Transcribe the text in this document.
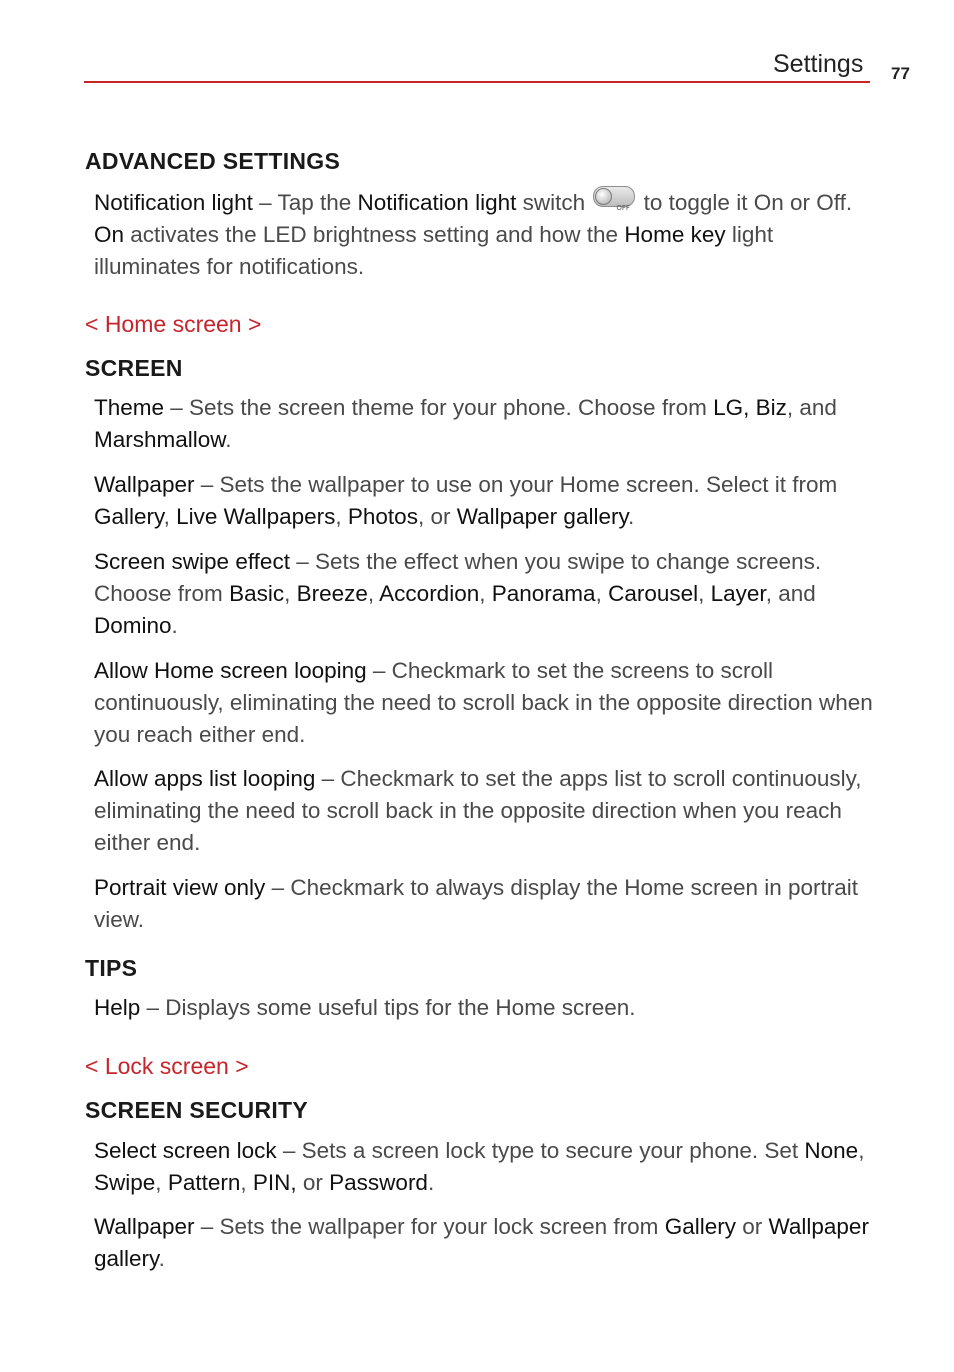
Settings 77
ADVANCED SETTINGS

Notification light – Tap the Notification light switch	OFF to toggle it On or Off. On activates the LED brightness setting and how the Home key light illuminates for notifications.

< Home screen >
SCREEN

Theme – Sets the screen theme for your phone. Choose from LG, Biz, and Marshmallow.

Wallpaper – Sets the wallpaper to use on your Home screen. Select it from Gallery, Live Wallpapers, Photos, or Wallpaper gallery.

Screen swipe effect – Sets the effect when you swipe to change screens. Choose from Basic, Breeze, Accordion, Panorama, Carousel, Layer, and Domino.

Allow Home screen looping – Checkmark to set the screens to scroll continuously, eliminating the need to scroll back in the opposite direction when you reach either end.

Allow apps list looping – Checkmark to set the apps list to scroll continuously, eliminating the need to scroll back in the opposite direction when you reach either end.

Portrait view only – Checkmark to always display the Home screen in portrait view.

TIPS

Help – Displays some useful tips for the Home screen.

< Lock screen >
SCREEN SECURITY

Select screen lock – Sets a screen lock type to secure your phone. Set None, Swipe, Pattern, PIN, or Password.

Wallpaper – Sets the wallpaper for your lock screen from Gallery or Wallpaper gallery.
